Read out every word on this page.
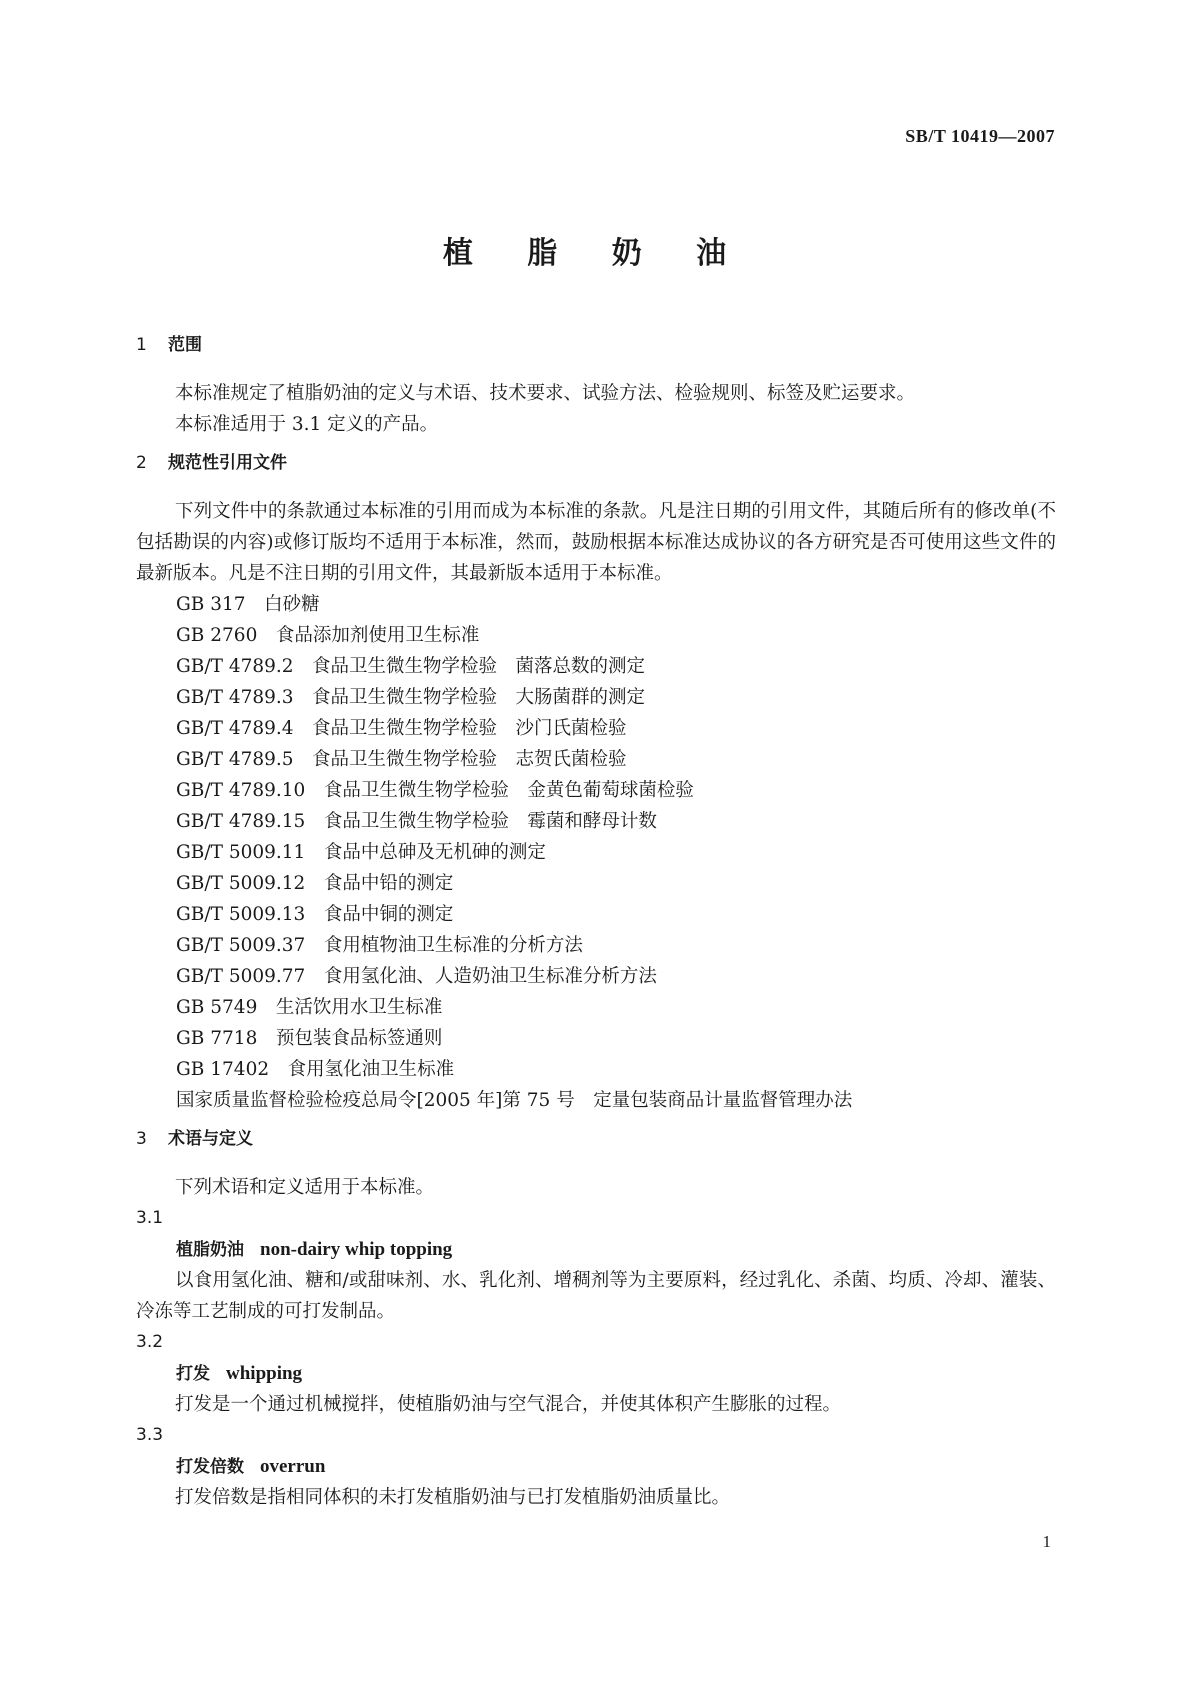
SB/T 10419—2007
植 脂 奶 油
1 范围

本标准规定了植脂奶油的定义与术语、技术要求、试验方法、检验规则、标签及贮运要求。

本标准适用于 3.1 定义的产品。

2 规范性引用文件

下列文件中的条款通过本标准的引用而成为本标准的条款。凡是注日期的引用文件，其随后所有的修改单(不包括勘误的内容)或修订版均不适用于本标准，然而，鼓励根据本标准达成协议的各方研究是否可使用这些文件的最新版本。凡是不注日期的引用文件，其最新版本适用于本标准。

GB 317　白砂糖

GB 2760　食品添加剂使用卫生标准

GB/T 4789.2　食品卫生微生物学检验　菌落总数的测定

GB/T 4789.3　食品卫生微生物学检验　大肠菌群的测定

GB/T 4789.4　食品卫生微生物学检验　沙门氏菌检验

GB/T 4789.5　食品卫生微生物学检验　志贺氏菌检验

GB/T 4789.10　食品卫生微生物学检验　金黄色葡萄球菌检验

GB/T 4789.15　食品卫生微生物学检验　霉菌和酵母计数

GB/T 5009.11　食品中总砷及无机砷的测定

GB/T 5009.12　食品中铅的测定

GB/T 5009.13　食品中铜的测定

GB/T 5009.37　食用植物油卫生标准的分析方法

GB/T 5009.77　食用氢化油、人造奶油卫生标准分析方法

GB 5749　生活饮用水卫生标准

GB 7718　预包装食品标签通则

GB 17402　食用氢化油卫生标准

国家质量监督检验检疫总局令[2005 年]第 75 号　定量包装商品计量监督管理办法

3 术语与定义

下列术语和定义适用于本标准。

3.1
植脂奶油 non-dairy whip topping

以食用氢化油、糖和/或甜味剂、水、乳化剂、增稠剂等为主要原料，经过乳化、杀菌、均质、冷却、灌装、冷冻等工艺制成的可打发制品。

3.2
打发 whipping

打发是一个通过机械搅拌，使植脂奶油与空气混合，并使其体积产生膨胀的过程。

3.3
打发倍数 overrun

打发倍数是指相同体积的未打发植脂奶油与已打发植脂奶油质量比。

1
